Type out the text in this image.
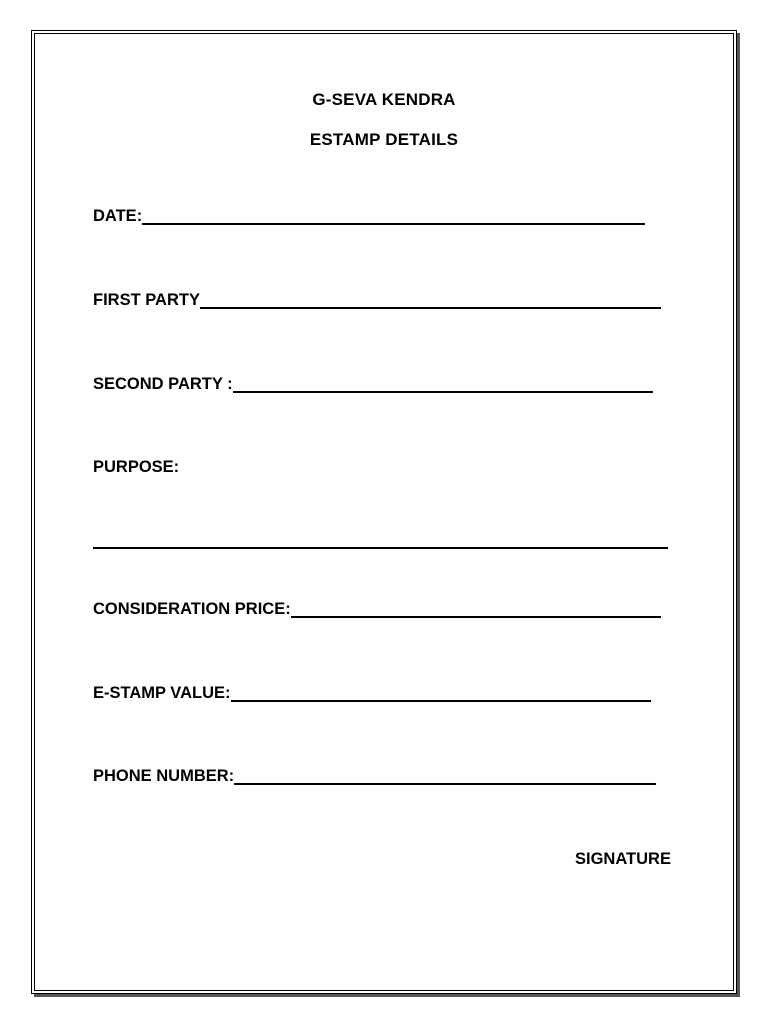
G-SEVA KENDRA
ESTAMP DETAILS
DATE:
FIRST PARTY
SECOND PARTY :
PURPOSE:
CONSIDERATION PRICE:
E-STAMP VALUE:
PHONE NUMBER:
SIGNATURE
